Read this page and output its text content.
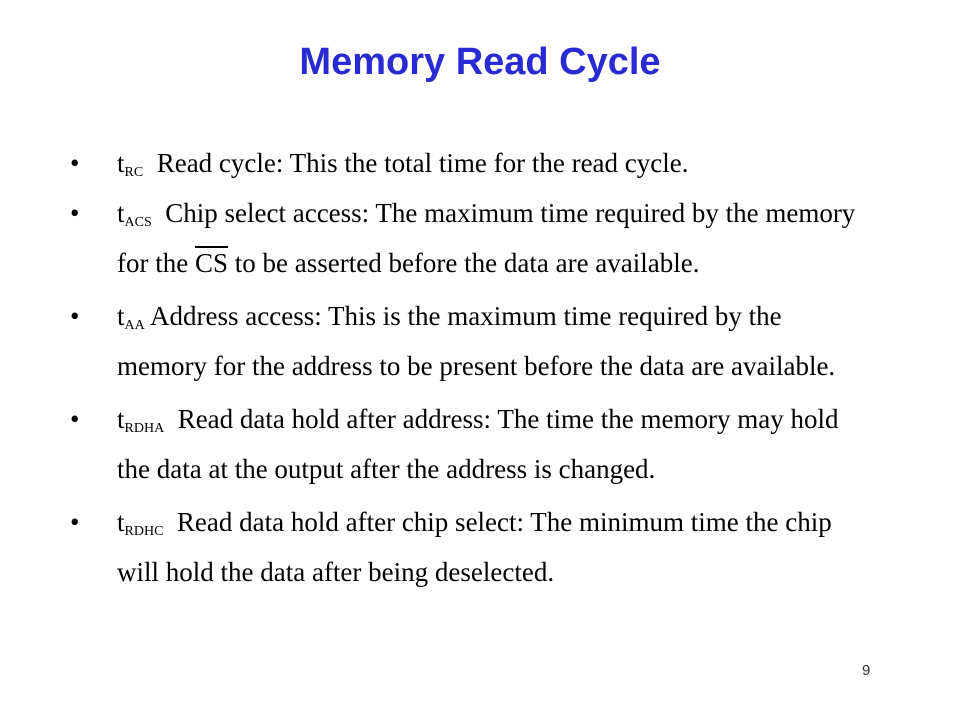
Memory Read Cycle
• $t_{RC}$ Read cycle: This the total time for the read cycle.
• $t_{ACS}$ Chip select access: The maximum time required by the memory for the $\overline{CS}$ to be asserted before the data are available.
• $t_{AA}$ Address access: This is the maximum time required by the memory for the address to be present before the data are available.
• $t_{RDHA}$ Read data hold after address: The time the memory may hold the data at the output after the address is changed.
• $t_{RDHC}$ Read data hold after chip select: The minimum time the chip will hold the data after being deselected.
9
